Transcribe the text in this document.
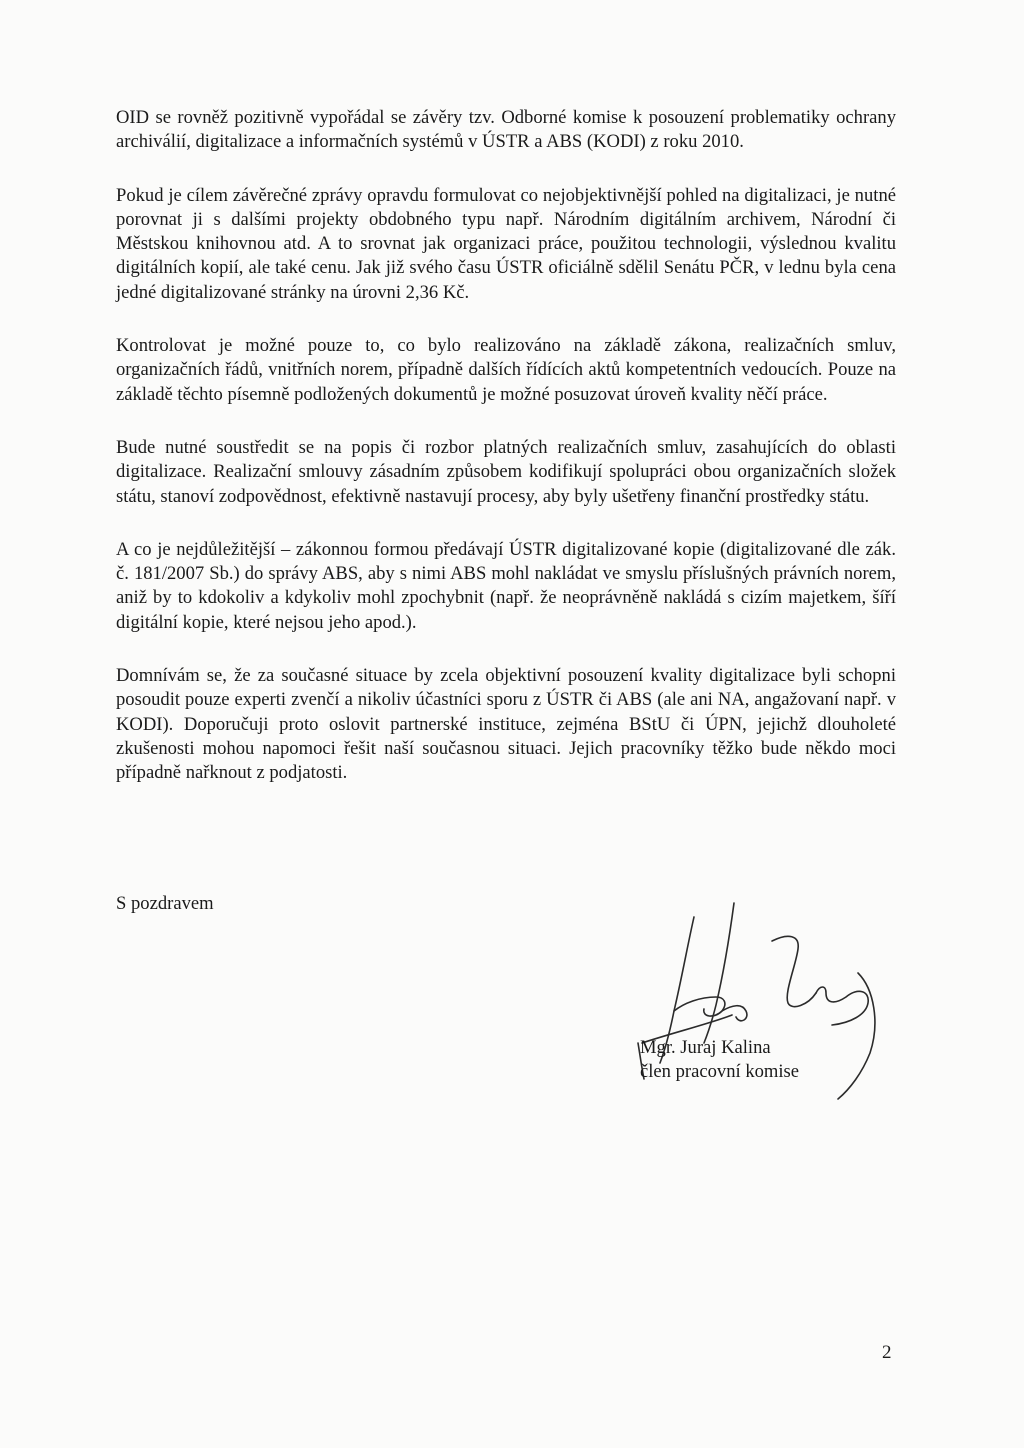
OID se rovněž pozitivně vypořádal se závěry tzv. Odborné komise k posouzení problematiky ochrany archiválií, digitalizace a informačních systémů v ÚSTR a ABS (KODI) z roku 2010.

Pokud je cílem závěrečné zprávy opravdu formulovat co nejobjektivnější pohled na digitalizaci, je nutné porovnat ji s dalšími projekty obdobného typu např. Národním digitálním archivem, Národní či Městskou knihovnou atd. A to srovnat jak organizaci práce, použitou technologii, výslednou kvalitu digitálních kopií, ale také cenu. Jak již svého času ÚSTR oficiálně sdělil Senátu PČR, v lednu byla cena jedné digitalizované stránky na úrovni 2,36 Kč.

Kontrolovat je možné pouze to, co bylo realizováno na základě zákona, realizačních smluv, organizačních řádů, vnitřních norem, případně dalších řídících aktů kompetentních vedoucích. Pouze na základě těchto písemně podložených dokumentů je možné posuzovat úroveň kvality něčí práce.

Bude nutné soustředit se na popis či rozbor platných realizačních smluv, zasahujících do oblasti digitalizace. Realizační smlouvy zásadním způsobem kodifikují spolupráci obou organizačních složek státu, stanoví zodpovědnost, efektivně nastavují procesy, aby byly ušetřeny finanční prostředky státu.

A co je nejdůležitější – zákonnou formou předávají ÚSTR digitalizované kopie (digitalizované dle zák. č. 181/2007 Sb.) do správy ABS, aby s nimi ABS mohl nakládat ve smyslu příslušných právních norem, aniž by to kdokoliv a kdykoliv mohl zpochybnit (např. že neoprávněně nakládá s cizím majetkem, šíří digitální kopie, které nejsou jeho apod.).

Domnívám se, že za současné situace by zcela objektivní posouzení kvality digitalizace byli schopni posoudit pouze experti zvenčí a nikoliv účastníci sporu z ÚSTR či ABS (ale ani NA, angažovaní např. v KODI). Doporučuji proto oslovit partnerské instituce, zejména BStU či ÚPN, jejichž dlouholeté zkušenosti mohou napomoci řešit naší současnou situaci. Jejich pracovníky těžko bude někdo moci případně nařknout z podjatosti.

S pozdravem

Mgr. Juraj Kalina
člen pracovní komise
2
